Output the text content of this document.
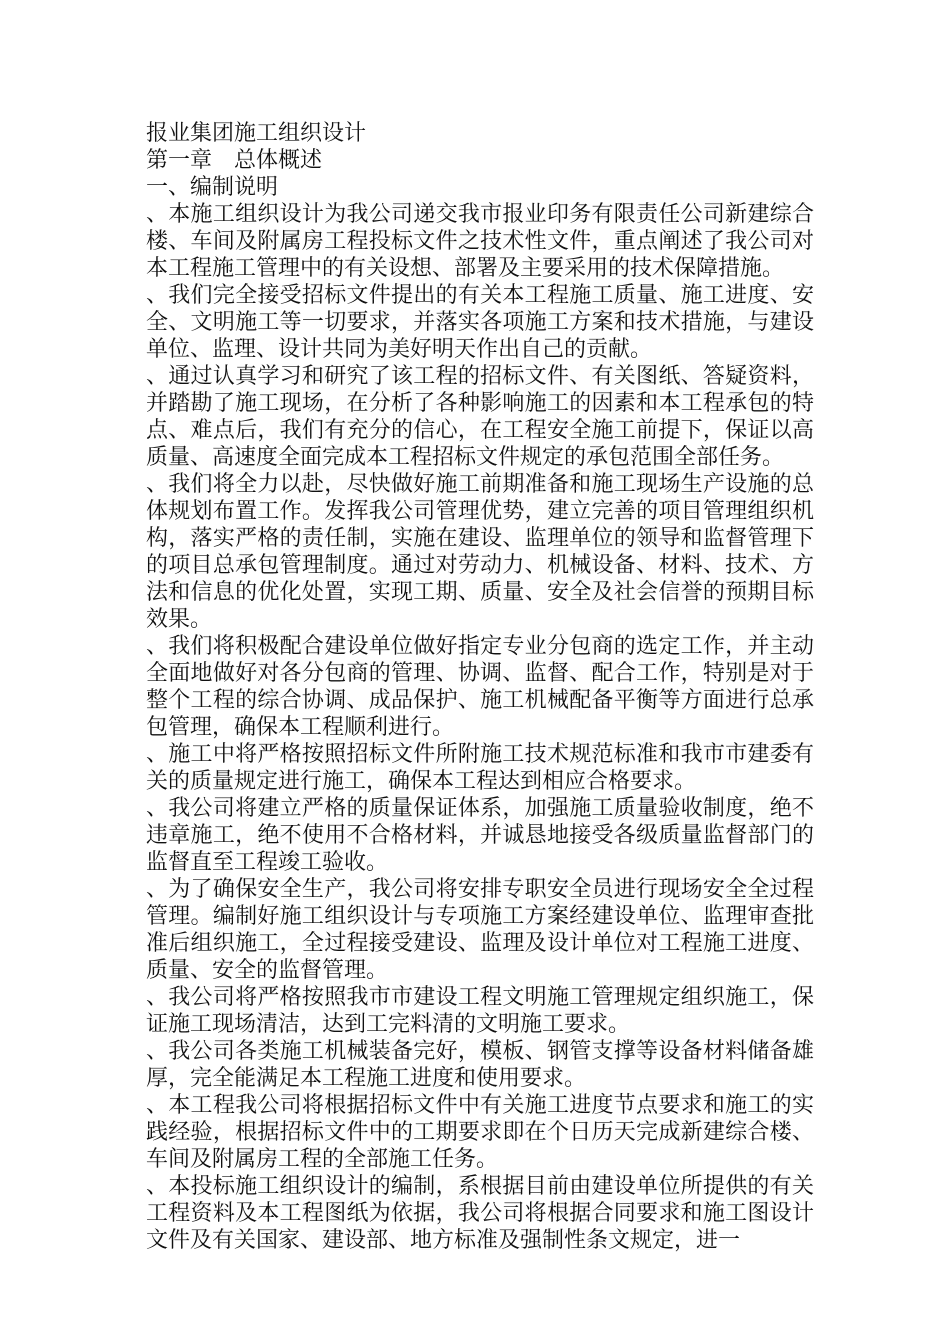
报业集团施工组织设计

第一章　总体概述

一、编制说明

、本施工组织设计为我公司递交我市报业印务有限责任公司新建综合楼、车间及附属房工程投标文件之技术性文件，重点阐述了我公司对本工程施工管理中的有关设想、部署及主要采用的技术保障措施。

、我们完全接受招标文件提出的有关本工程施工质量、施工进度、安全、文明施工等一切要求，并落实各项施工方案和技术措施，与建设单位、监理、设计共同为美好明天作出自己的贡献。

、通过认真学习和研究了该工程的招标文件、有关图纸、答疑资料，并踏勘了施工现场，在分析了各种影响施工的因素和本工程承包的特点、难点后，我们有充分的信心，在工程安全施工前提下，保证以高质量、高速度全面完成本工程招标文件规定的承包范围全部任务。

、我们将全力以赴，尽快做好施工前期准备和施工现场生产设施的总体规划布置工作。发挥我公司管理优势，建立完善的项目管理组织机构，落实严格的责任制，实施在建设、监理单位的领导和监督管理下的项目总承包管理制度。通过对劳动力、机械设备、材料、技术、方法和信息的优化处置，实现工期、质量、安全及社会信誉的预期目标效果。

、我们将积极配合建设单位做好指定专业分包商的选定工作，并主动全面地做好对各分包商的管理、协调、监督、配合工作，特别是对于整个工程的综合协调、成品保护、施工机械配备平衡等方面进行总承包管理，确保本工程顺利进行。

、施工中将严格按照招标文件所附施工技术规范标准和我市市建委有关的质量规定进行施工，确保本工程达到相应合格要求。

、我公司将建立严格的质量保证体系，加强施工质量验收制度，绝不违章施工，绝不使用不合格材料，并诚恳地接受各级质量监督部门的监督直至工程竣工验收。

、为了确保安全生产，我公司将安排专职安全员进行现场安全全过程管理。编制好施工组织设计与专项施工方案经建设单位、监理审查批准后组织施工，全过程接受建设、监理及设计单位对工程施工进度、质量、安全的监督管理。

、我公司将严格按照我市市建设工程文明施工管理规定组织施工，保证施工现场清洁，达到工完料清的文明施工要求。

、我公司各类施工机械装备完好，模板、钢管支撑等设备材料储备雄厚，完全能满足本工程施工进度和使用要求。

、本工程我公司将根据招标文件中有关施工进度节点要求和施工的实践经验，根据招标文件中的工期要求即在个日历天完成新建综合楼、车间及附属房工程的全部施工任务。

、本投标施工组织设计的编制，系根据目前由建设单位所提供的有关工程资料及本工程图纸为依据，我公司将根据合同要求和施工图设计文件及有关国家、建设部、地方标准及强制性条文规定，进一
